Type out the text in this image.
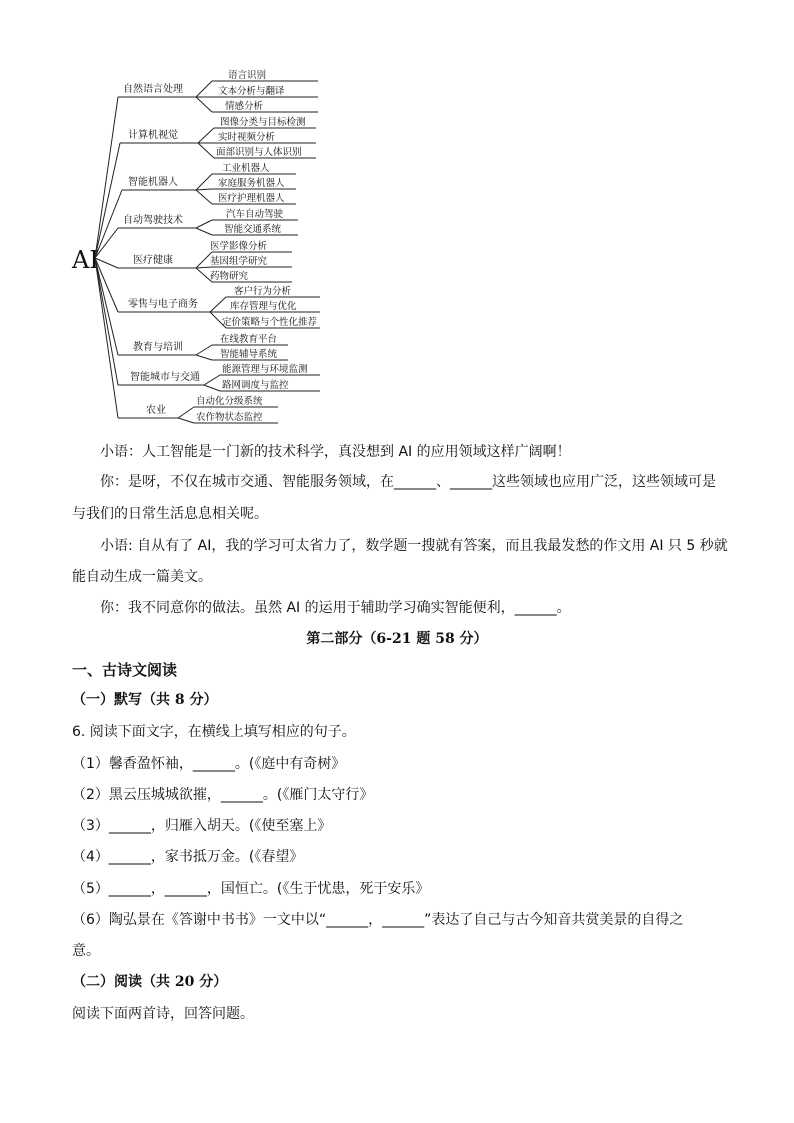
AI
自然语言处理
语言识别
文本分析与翻译
情感分析
计算机视觉
图像分类与目标检测
实时视频分析
面部识别与人体识别
智能机器人
工业机器人
家庭服务机器人
医疗护理机器人
自动驾驶技术
汽车自动驾驶
智能交通系统
医疗健康
医学影像分析
基因组学研究
药物研究
零售与电子商务
客户行为分析
库存管理与优化
定价策略与个性化推荐
教育与培训
在线教育平台
智能辅导系统
智能城市与交通
能源管理与环境监测
路网调度与监控
农业
自动化分级系统
农作物状态监控
小语：人工智能是一门新的技术科学，真没想到 AI 的应用领域这样广阔啊！
你：是呀，不仅在城市交通、智能服务领域，在______、______这些领域也应用广泛，这些领域可是
与我们的日常生活息息相关呢。
小语: 自从有了 AI，我的学习可太省力了，数学题一搜就有答案，而且我最发愁的作文用 AI 只 5 秒就
能自动生成一篇美文。
你：我不同意你的做法。虽然 AI 的运用于辅助学习确实智能便利，______。
第二部分（6-21 题 58 分）
一、古诗文阅读
（一）默写（共 8 分）
6. 阅读下面文字，在横线上填写相应的句子。
（1）馨香盈怀袖，______。(《庭中有奇树》
（2）黑云压城城欲摧，______。(《雁门太守行》
（3）______，归雁入胡天。(《使至塞上》
（4）______，家书抵万金。(《春望》
（5）______，______，国恒亡。(《生于忧患，死于安乐》
（6）陶弘景在《答谢中书书》一文中以“______，______”表达了自己与古今知音共赏美景的自得之
意。
（二）阅读（共 20 分）
阅读下面两首诗，回答问题。
